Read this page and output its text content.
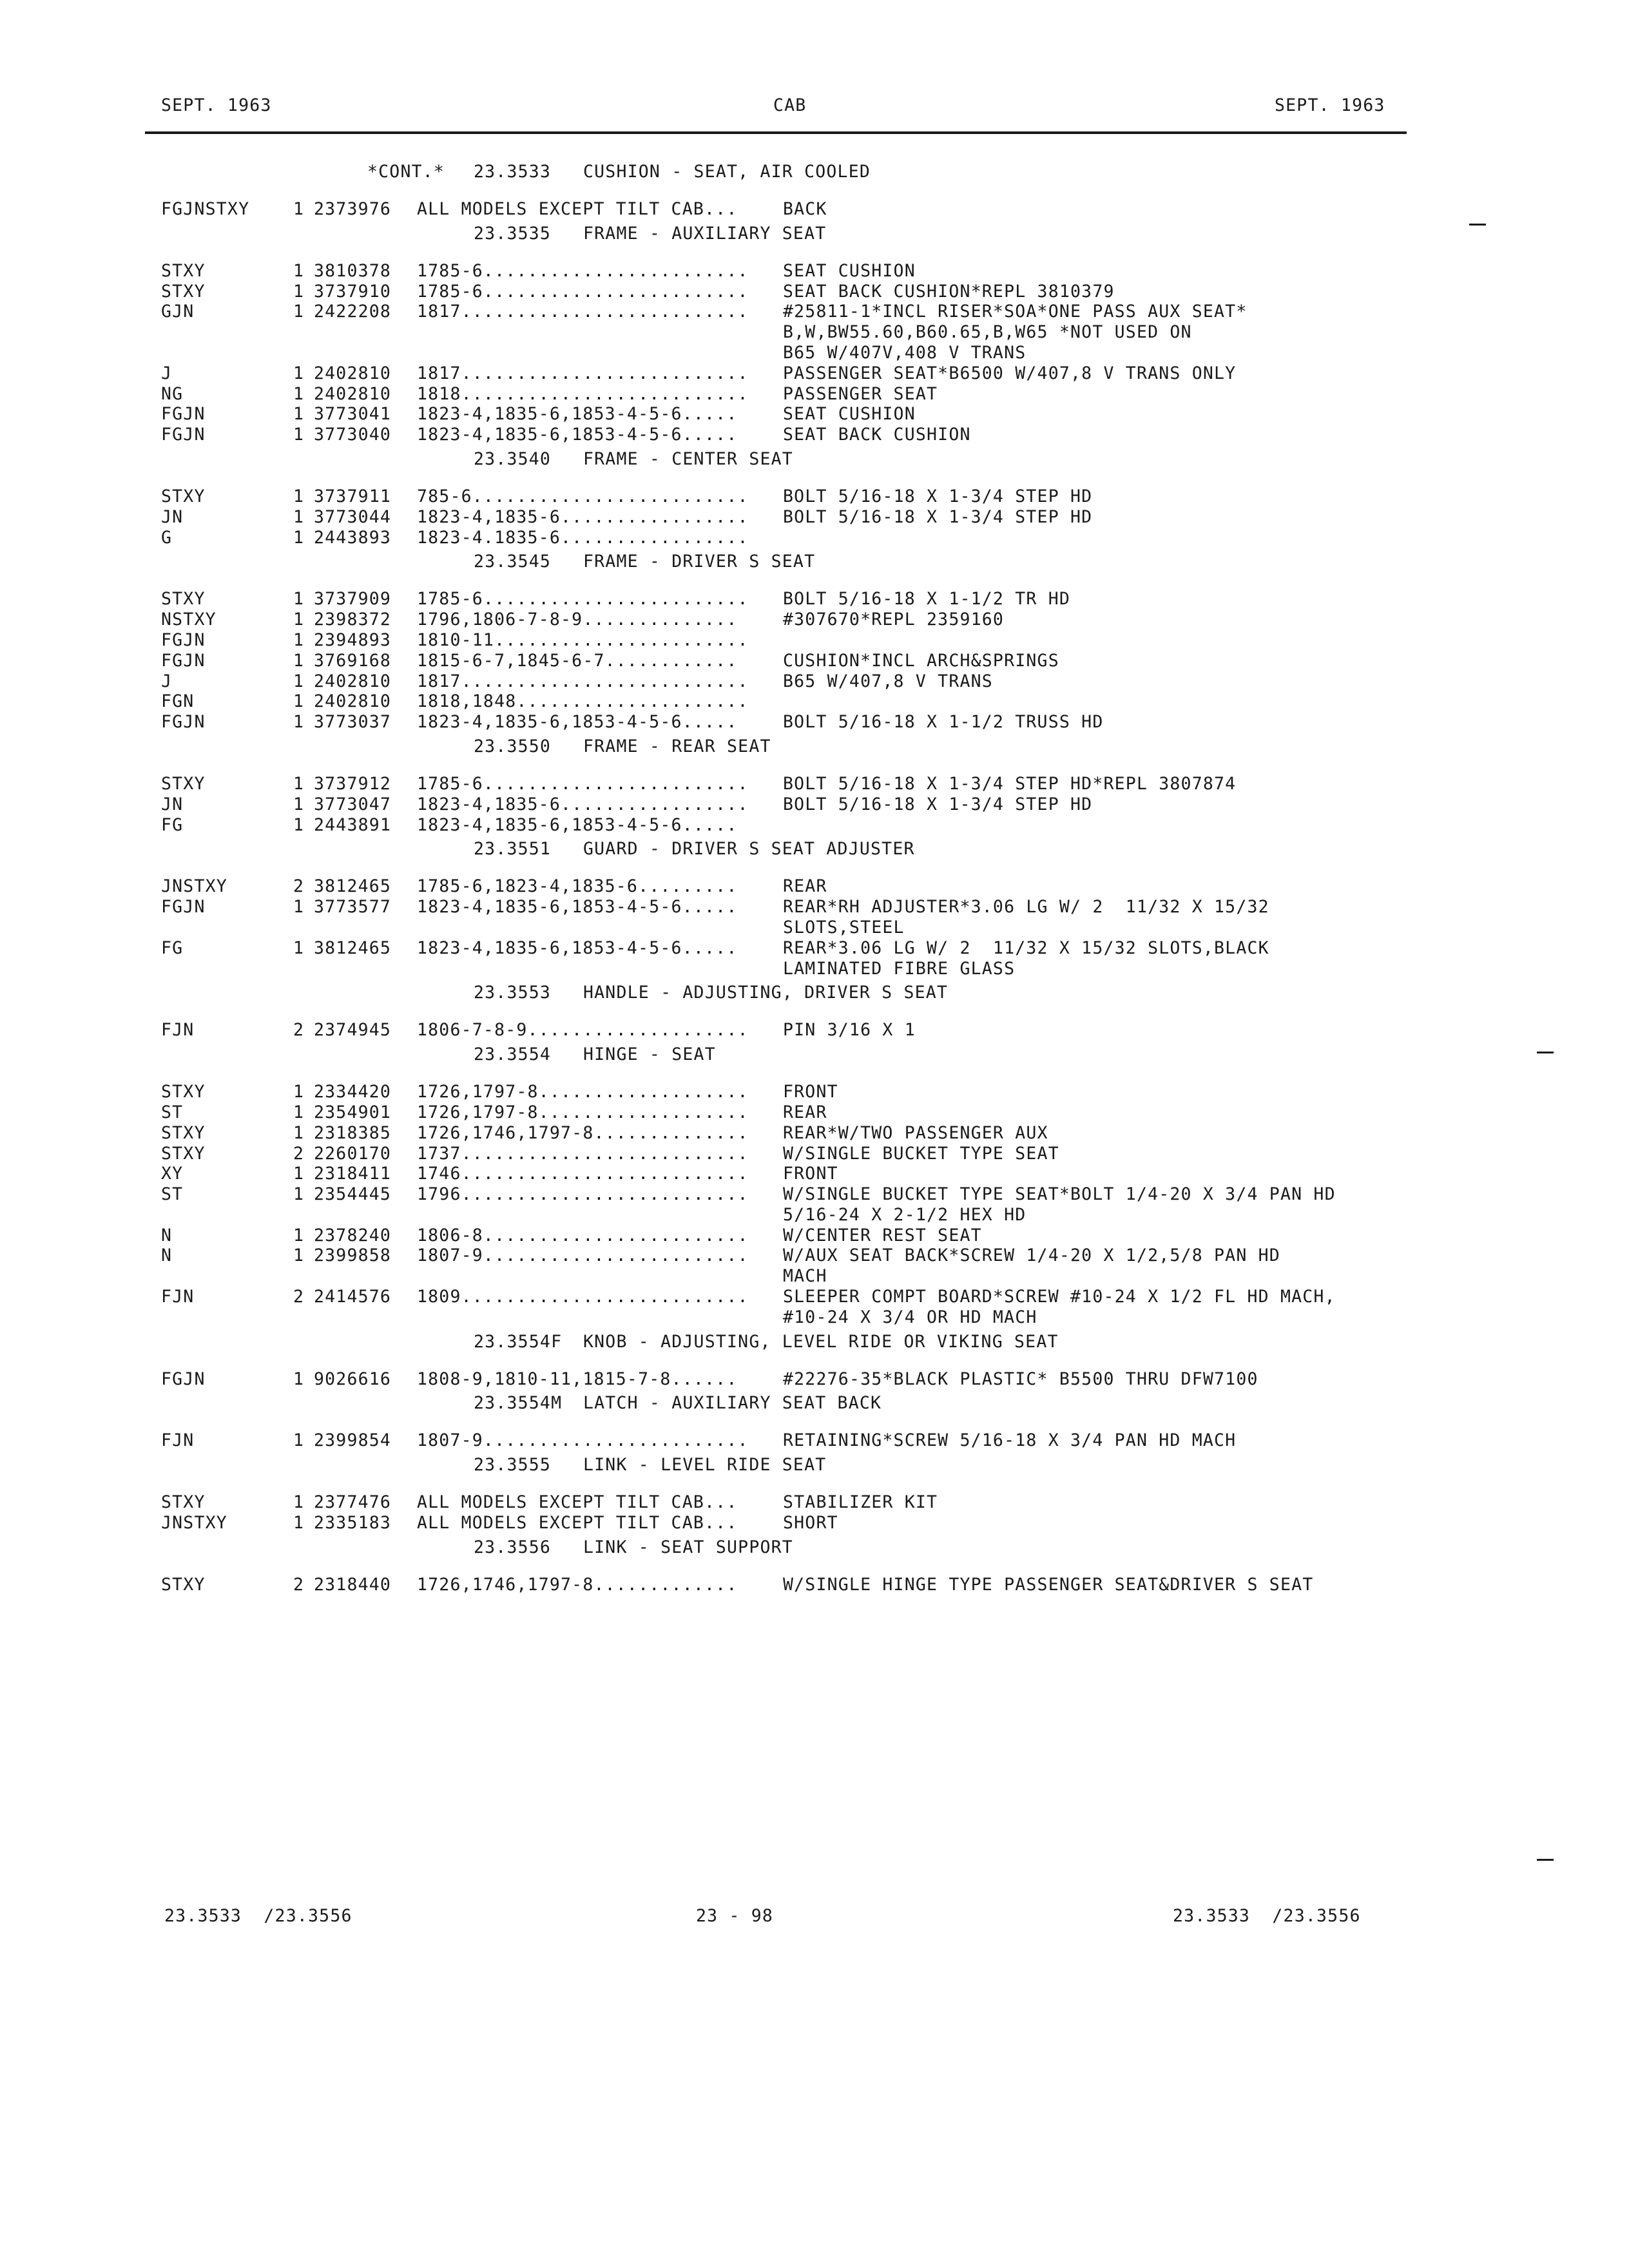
SEPT. 1963	CAB	SEPT. 1963
*CONT.* 23.3533 CUSHION - SEAT, AIR COOLED
FGJNSTXY	1 2373976 ALL MODELS EXCEPT TILT CAB...	BACK
23.3535 FRAME - AUXILIARY SEAT
STXY	1 3810378 1785-6........................ SEAT CUSHION
STXY	1 3737910 1785-6........................ SEAT BACK CUSHION*REPL 3810379
GJN	1 2422208 1817.......................... #25811-1*INCL RISER*SOA*ONE PASS AUX SEAT*
B,W,BW55.60,B60.65,B,W65 *NOT USED ON
B65 W/407V,408 V TRANS
J	1 2402810 1817.......................... PASSENGER SEAT*B6500 W/407,8 V TRANS ONLY
NG	1 2402810 1818.......................... PASSENGER SEAT
FGJN	1 3773041 1823-4,1835-6,1853-4-5-6.....	SEAT CUSHION
FGJN	1 3773040 1823-4,1835-6,1853-4-5-6.....	SEAT BACK CUSHION
23.3540 FRAME - CENTER SEAT
STXY	1 3737911 785-6......................... BOLT 5/16-18 X 1-3/4 STEP HD
JN	1 3773044 1823-4,1835-6................. BOLT 5/16-18 X 1-3/4 STEP HD
G	1 2443893 1823-4.1835-6.................
23.3545 FRAME - DRIVER S SEAT
STXY	1 3737909 1785-6........................ BOLT 5/16-18 X 1-1/2 TR HD
NSTXY	1 2398372 1796,1806-7-8-9..............	#307670*REPL 2359160
FGJN	1 2394893 1810-11.......................
FGJN	1 3769168 1815-6-7,1845-6-7............	CUSHION*INCL ARCH&SPRINGS
J	1 2402810 1817.......................... B65 W/407,8 V TRANS
FGN	1 2402810 1818,1848.....................
FGJN	1 3773037 1823-4,1835-6,1853-4-5-6.....	BOLT 5/16-18 X 1-1/2 TRUSS HD
23.3550 FRAME - REAR SEAT
STXY	1 3737912 1785-6........................ BOLT 5/16-18 X 1-3/4 STEP HD*REPL 3807874
JN	1 3773047 1823-4,1835-6................. BOLT 5/16-18 X 1-3/4 STEP HD
FG	1 2443891 1823-4,1835-6,1853-4-5-6.....
23.3551 GUARD - DRIVER S SEAT ADJUSTER
JNSTXY	2 3812465 1785-6,1823-4,1835-6.........	REAR
FGJN	1 3773577 1823-4,1835-6,1853-4-5-6.....	REAR*RH ADJUSTER*3.06 LG W/ 2  11/32 X 15/32
SLOTS,STEEL
FG	1 3812465 1823-4,1835-6,1853-4-5-6.....	REAR*3.06 LG W/ 2  11/32 X 15/32 SLOTS,BLACK
LAMINATED FIBRE GLASS
23.3553 HANDLE - ADJUSTING, DRIVER S SEAT
FJN	2 2374945 1806-7-8-9.................... PIN 3/16 X 1
23.3554 HINGE - SEAT
STXY	1 2334420 1726,1797-8................... FRONT
ST	1 2354901 1726,1797-8................... REAR
STXY	1 2318385 1726,1746,1797-8.............. REAR*W/TWO PASSENGER AUX
STXY	2 2260170 1737.......................... W/SINGLE BUCKET TYPE SEAT
XY	1 2318411 1746.......................... FRONT
ST	1 2354445 1796.......................... W/SINGLE BUCKET TYPE SEAT*BOLT 1/4-20 X 3/4 PAN HD
5/16-24 X 2-1/2 HEX HD
N	1 2378240 1806-8........................ W/CENTER REST SEAT
N	1 2399858 1807-9........................ W/AUX SEAT BACK*SCREW 1/4-20 X 1/2,5/8 PAN HD
MACH
FJN	2 2414576 1809.......................... SLEEPER COMPT BOARD*SCREW #10-24 X 1/2 FL HD MACH,
#10-24 X 3/4 OR HD MACH
23.3554F KNOB - ADJUSTING, LEVEL RIDE OR VIKING SEAT
FGJN	1 9026616 1808-9,1810-11,1815-7-8......	#22276-35*BLACK PLASTIC* B5500 THRU DFW7100
23.3554M LATCH - AUXILIARY SEAT BACK
FJN	1 2399854 1807-9........................ RETAINING*SCREW 5/16-18 X 3/4 PAN HD MACH
23.3555 LINK - LEVEL RIDE SEAT
STXY	1 2377476 ALL MODELS EXCEPT TILT CAB...	STABILIZER KIT
JNSTXY	1 2335183 ALL MODELS EXCEPT TILT CAB...	SHORT
23.3556 LINK - SEAT SUPPORT
STXY	2 2318440 1726,1746,1797-8.............	W/SINGLE HINGE TYPE PASSENGER SEAT&DRIVER S SEAT
23.3533  /23.3556	23 - 98	23.3533  /23.3556
